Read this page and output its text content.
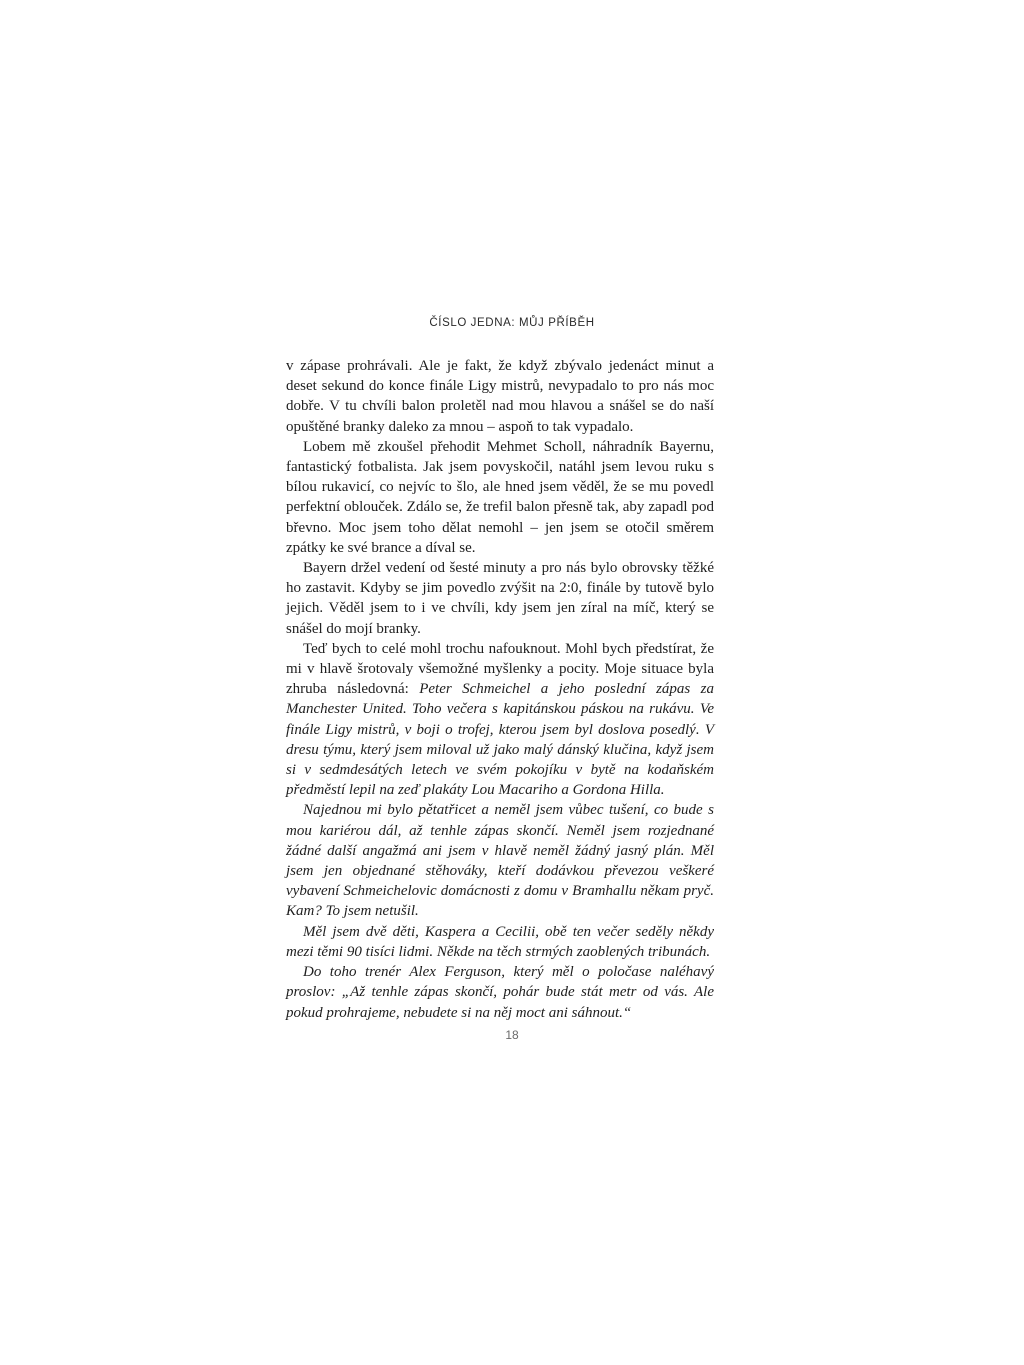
ČÍSLO JEDNA: MŮJ PŘÍBĚH

v zápase prohrávali. Ale je fakt, že když zbývalo jedenáct minut a deset sekund do konce finále Ligy mistrů, nevypadalo to pro nás moc dobře. V tu chvíli balon proletěl nad mou hlavou a snášel se do naší opuštěné branky daleko za mnou – aspoň to tak vypadalo.

Lobem mě zkoušel přehodit Mehmet Scholl, náhradník Bayernu, fantastický fotbalista. Jak jsem povyskočil, natáhl jsem levou ruku s bílou rukavicí, co nejvíc to šlo, ale hned jsem věděl, že se mu povedl perfektní oblouček. Zdálo se, že trefil balon přesně tak, aby zapadl pod břevno. Moc jsem toho dělat nemohl – jen jsem se otočil směrem zpátky ke své brance a díval se.

Bayern držel vedení od šesté minuty a pro nás bylo obrovsky těžké ho zastavit. Kdyby se jim povedlo zvýšit na 2:0, finále by tutově bylo jejich. Věděl jsem to i ve chvíli, kdy jsem jen zíral na míč, který se snášel do mojí branky.

Teď bych to celé mohl trochu nafouknout. Mohl bych předstírat, že mi v hlavě šrotovaly všemožné myšlenky a pocity. Moje situace byla zhruba následovná: Peter Schmeichel a jeho poslední zápas za Manchester United. Toho večera s kapitánskou páskou na rukávu. Ve finále Ligy mistrů, v boji o trofej, kterou jsem byl doslova posedlý. V dresu týmu, který jsem miloval už jako malý dánský klučina, když jsem si v sedmdesátých letech ve svém pokojíku v bytě na kodaňském předměstí lepil na zeď plakáty Lou Macariho a Gordona Hilla.

Najednou mi bylo pětatřicet a neměl jsem vůbec tušení, co bude s mou kariérou dál, až tenhle zápas skončí. Neměl jsem rozjednané žádné další angažmá ani jsem v hlavě neměl žádný jasný plán. Měl jsem jen objednané stěhováky, kteří dodávkou převezou veškeré vybavení Schmeichelovic domácnosti z domu v Bramhallu někam pryč. Kam? To jsem netušil.

Měl jsem dvě děti, Kaspera a Cecilii, obě ten večer seděly někdy mezi těmi 90 tisíci lidmi. Někde na těch strmých zaoblených tribunách.

Do toho trenér Alex Ferguson, který měl o poločase naléhavý proslov: „Až tenhle zápas skončí, pohár bude stát metr od vás. Ale pokud prohrajeme, nebudete si na něj moct ani sáhnout.“

18
